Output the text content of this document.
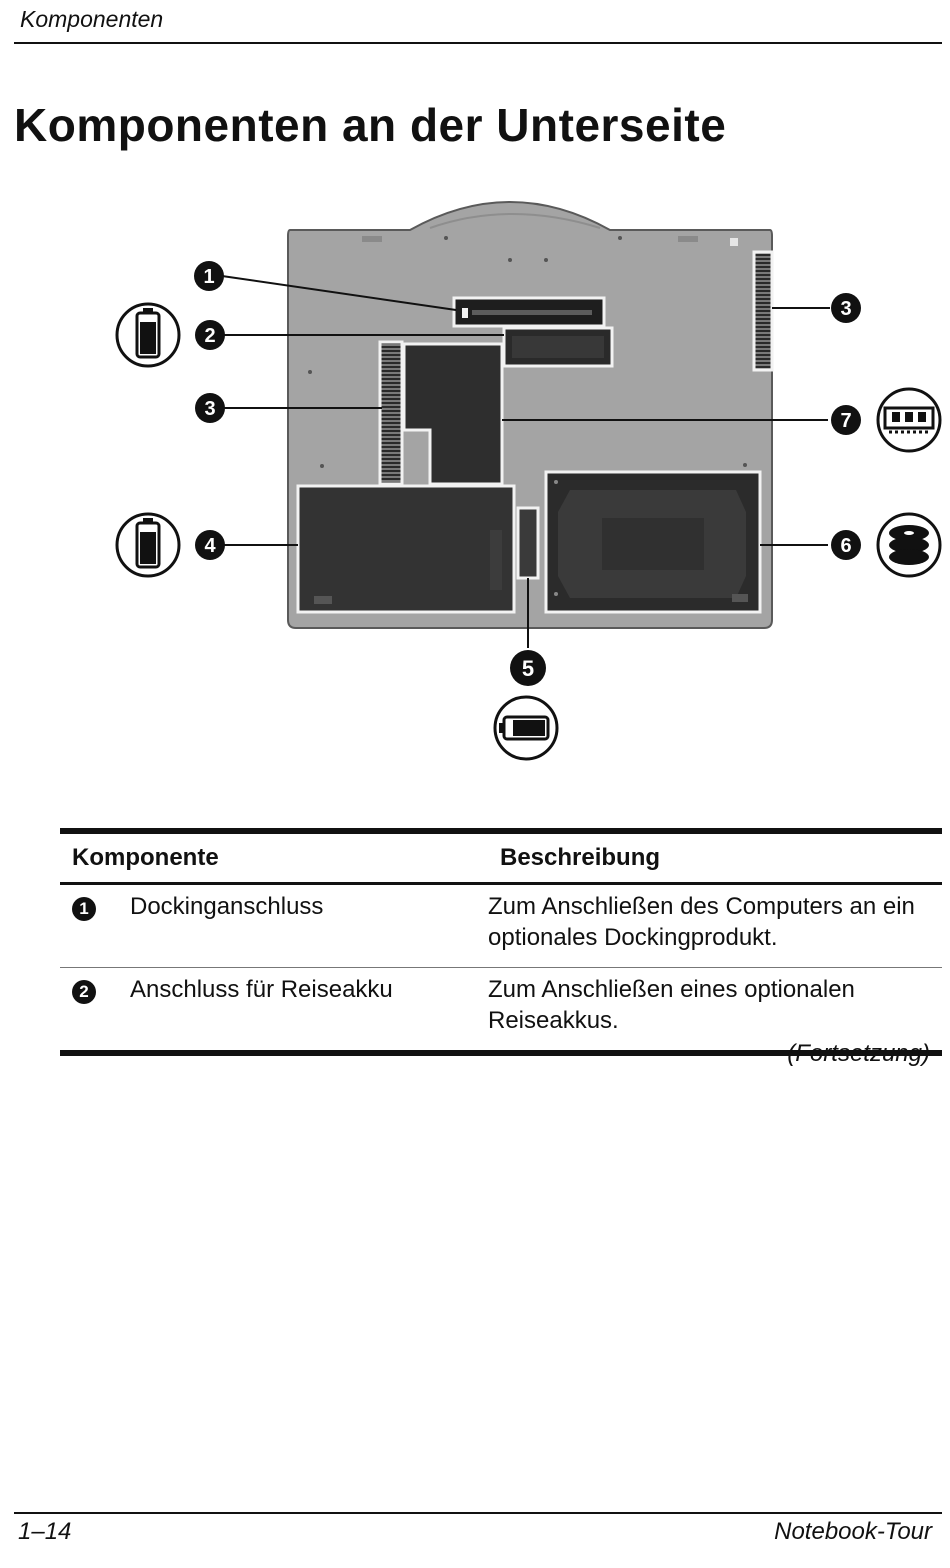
Komponenten
Komponenten an der Unterseite
1
2
3
3
4
5
6
7
Komponente		Beschreibung
1	Dockinganschluss	Zum Anschließen des Computers an ein optionales Dockingprodukt.
2	Anschluss für Reiseakku	Zum Anschließen eines optionalen Reiseakkus.
(Fortsetzung)
1–14	Notebook-Tour
